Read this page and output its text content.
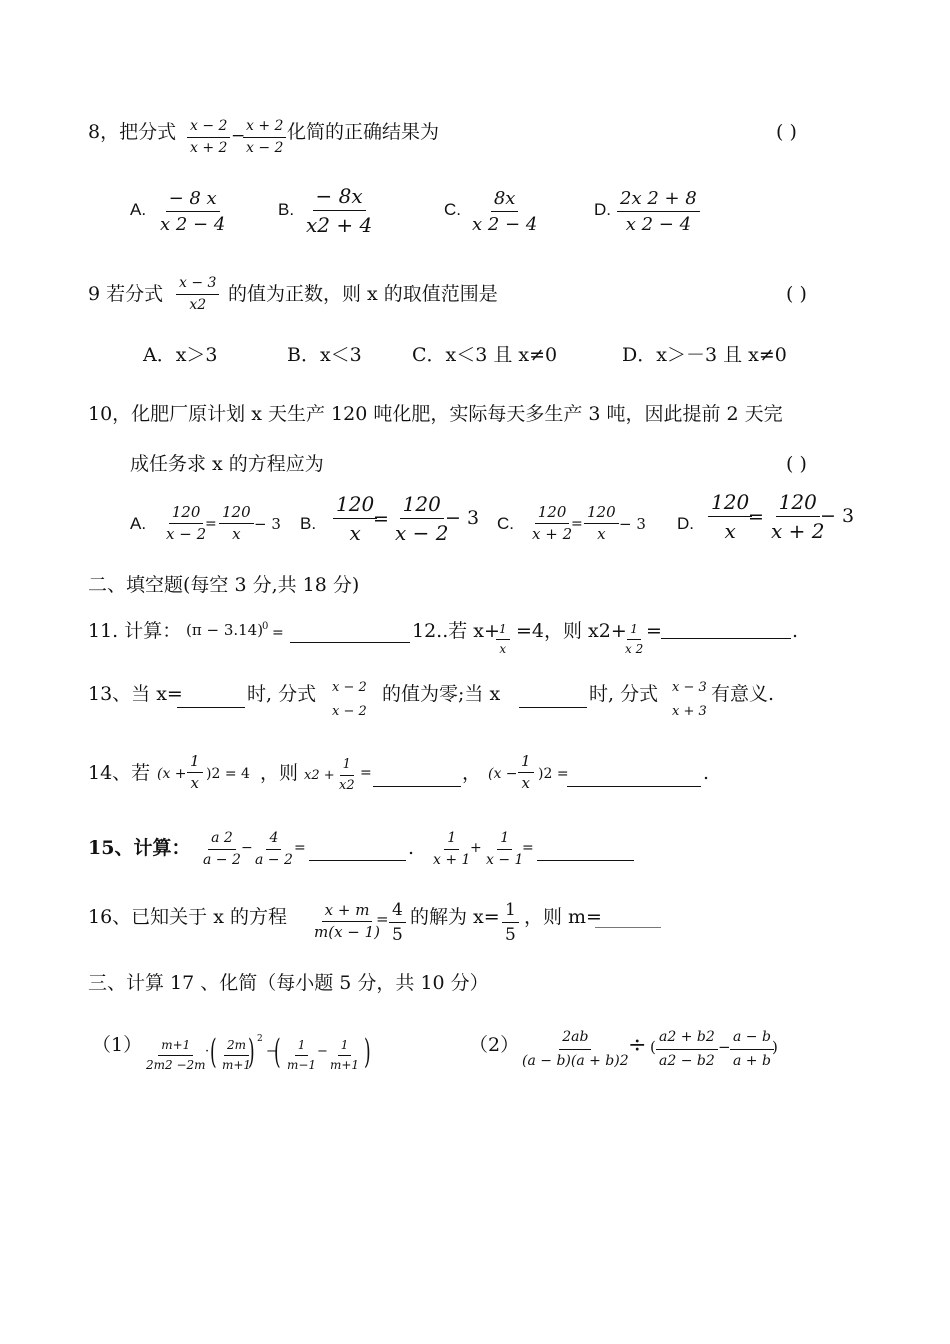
8，把分式 $\frac{x - 2}{x + 2}$ −
$\frac{x + 2}{x - 2}$ 化简的正确结果为	( )
A. $\frac{- 8 x}{x 2 - 4}$	B. $\frac{- 8x}{x2 + 4}$	C. $\frac{8x}{x 2 - 4}$	D. $\frac{2x 2 + 8}{x 2 - 4}$
9 若分式 $\frac{x - 3}{x2}$ 的值为正数，则 x 的取值范围是	( )
A．x＞3	B．x＜3	C．x＜3 且 x≠0	D．x＞－3 且 x≠0
10，化肥厂原计划 x 天生产 120 吨化肥，实际每天多生产 3 吨，因此提前 2 天完
成任务求 x 的方程应为	( )
A. $\frac{120}{x - 2}$
= $\frac{120}{x} - 3$ B. $\frac{120}{x}$
= $\frac{120}{x - 2}$
− 3 C. $\frac{120}{x + 2}$
= $\frac{120}{x} - 3$ D. $\frac{120}{x}$
= $\frac{120}{x + 2}$
− 3
二、填空题(每空 3 分,共 18 分)
11. 计算： (π − 3.14)
0 =	12..若 x+
$\frac{1}{x} =4$，则 x2+
$\frac{1}{x 2}$ =	.
13、当 x=	时, 分式 x − 2
x − 2
的值为零;当 x	时, 分式 x − 3
x + 3
有意义.
14、若 $(x + \frac{1}{x} )2 = 4$ ，则 $x2 + \frac{1}{x2}$ =	， $(x - \frac{1}{x} )2$ =	.
15、计算： $\frac{a 2}{a - 2}$
− $\frac{4}{a - 2}$
=	. $\frac{1}{x + 1}$
+ $\frac{1}{x - 1}$
=
16、已知关于 x 的方程 $\frac{x + m}{m(x - 1)}$
= $\frac{4}{5}$ 的解为 $x= \frac{1}{5}$ ，则 m=
三、计算 17 、化简（每小题 5 分，共 10 分）
$(1) \frac{m+1}{2m2 -2m}$
· ( $\frac{2m}{m+1}$
) 2
−
( $\frac{1}{m-1}$
− $\frac{1}{m+1}$ )	$(2) \frac{2ab}{(a - b)(a + b)2}$
÷ ( $\frac{a2 + b2}{a2 - b2} - \frac{a - b}{a + b}$
)
